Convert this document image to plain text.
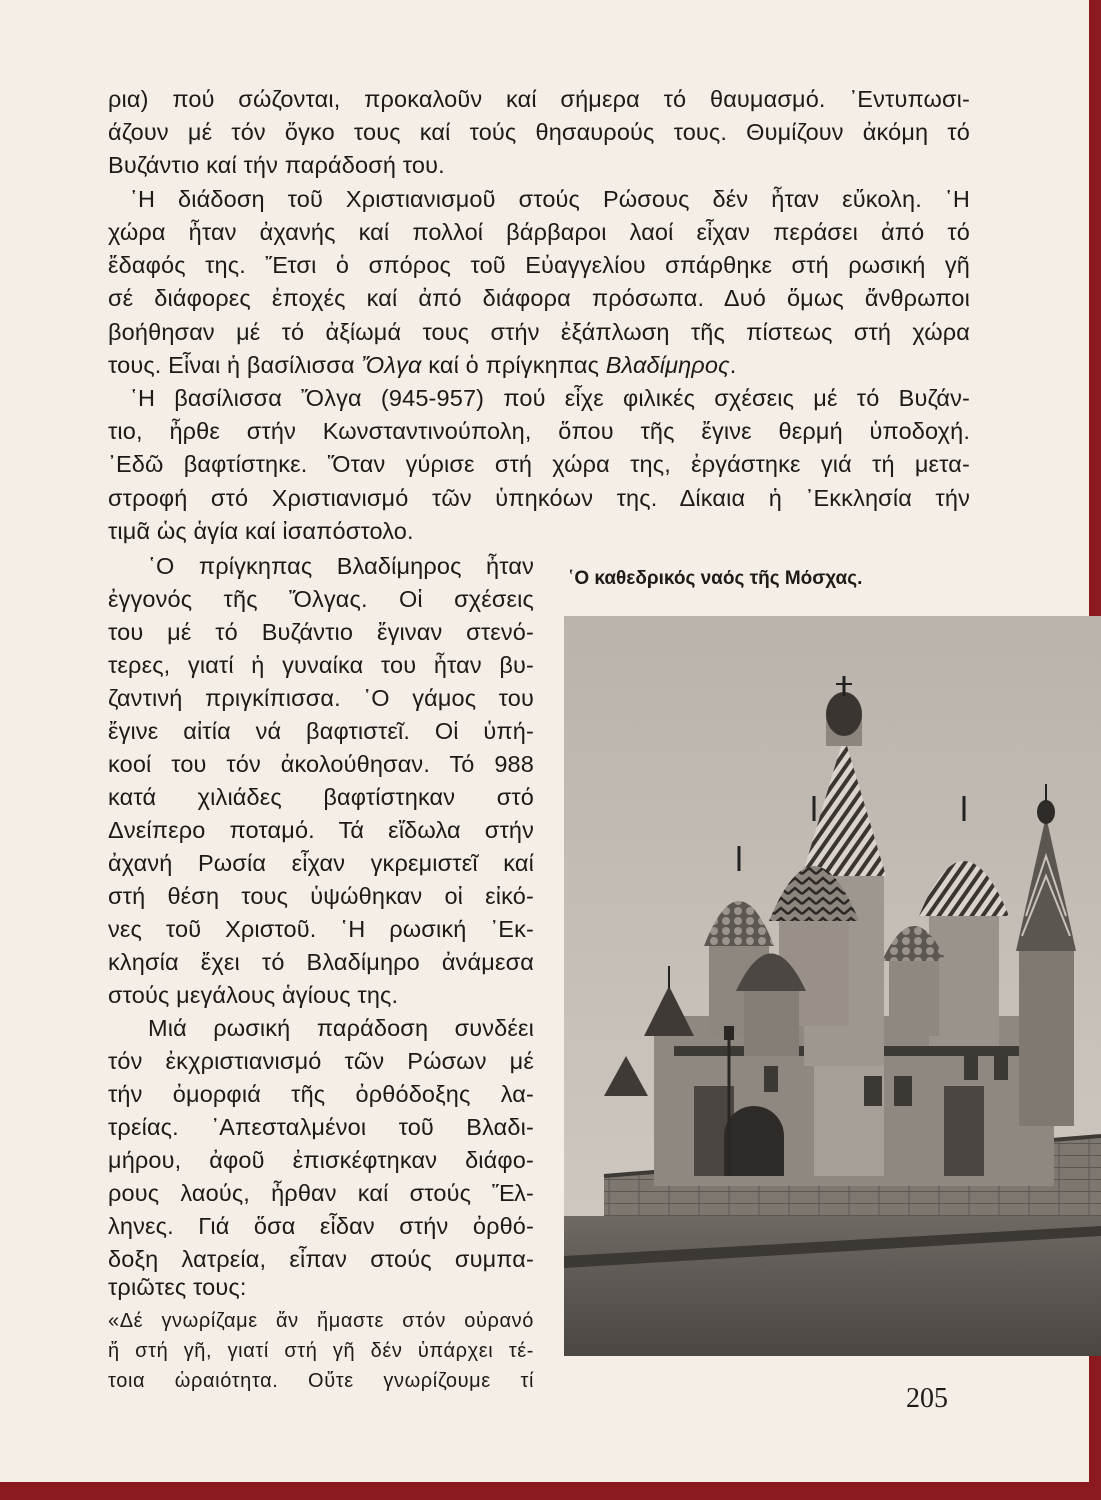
ρια) πού σώζονται, προκαλοῦν καί σήμερα τό θαυμασμό. ᾿Εντυπωσι-
άζουν μέ τόν ὄγκο τους καί τούς θησαυρούς τους. Θυμίζουν ἀκόμη τό
Βυζάντιο καί τήν παράδοσή του.
῾Η διάδοση τοῦ Χριστιανισμοῦ στούς Ρώσους δέν ἦταν εὔκολη. ῾Η
χώρα ἦταν ἀχανής καί πολλοί βάρβαροι λαοί εἶχαν περάσει ἀπό τό
ἔδαφός της. Ἔτσι ὁ σπόρος τοῦ Εὐαγγελίου σπάρθηκε στή ρωσική γῆ
σέ διάφορες ἐποχές καί ἀπό διάφορα πρόσωπα. Δυό ὅμως ἄνθρωποι
βοήθησαν μέ τό ἀξίωμά τους στήν ἐξάπλωση τῆς πίστεως στή χώρα
τους. Εἶναι ἡ βασίλισσα Ὄλγα καί ὁ πρίγκηπας Βλαδίμηρος.
῾Η βασίλισσα Ὄλγα (945-957) πού εἶχε φιλικές σχέσεις μέ τό Βυζάν-
τιο, ἦρθε στήν Κωνσταντινούπολη, ὅπου τῆς ἔγινε θερμή ὑποδοχή.
᾿Εδῶ βαφτίστηκε. Ὅταν γύρισε στή χώρα της, ἐργάστηκε γιά τή μετα-
στροφή στό Χριστιανισμό τῶν ὑπηκόων της. Δίκαια ἡ ᾿Εκκλησία τήν
τιμᾶ ὡς ἁγία καί ἰσαπόστολο.
῾Ο πρίγκηπας Βλαδίμηρος ἦταν
ἐγγονός τῆς Ὄλγας. Οἱ σχέσεις
του μέ τό Βυζάντιο ἔγιναν στενό-
τερες, γιατί ἡ γυναίκα του ἦταν βυ-
ζαντινή πριγκίπισσα. ῾Ο γάμος του
ἔγινε αἰτία νά βαφτιστεῖ. Οἱ ὑπή-
κοοί του τόν ἀκολούθησαν. Τό 988
κατά χιλιάδες βαφτίστηκαν στό
Δνείπερο ποταμό. Τά εἴδωλα στήν
ἀχανή Ρωσία εἶχαν γκρεμιστεῖ καί
στή θέση τους ὑψώθηκαν οἱ εἰκό-
νες τοῦ Χριστοῦ. ῾Η ρωσική ᾿Εκ-
κλησία ἔχει τό Βλαδίμηρο ἀνάμεσα
στούς μεγάλους ἁγίους της.
Μιά ρωσική παράδοση συνδέει
τόν ἐκχριστιανισμό τῶν Ρώσων μέ
τήν ὀμορφιά τῆς ὀρθόδοξης λα-
τρείας. ᾿Απεσταλμένοι τοῦ Βλαδι-
μήρου, ἀφοῦ ἐπισκέφτηκαν διάφο-
ρους λαούς, ἦρθαν καί στούς Ἕλ-
ληνες. Γιά ὅσα εἶδαν στήν ὀρθό-
δοξη λατρεία, εἶπαν στούς συμπα-
τριῶτες τους:
«Δέ γνωρίζαμε ἄν ἤμαστε στόν οὐρανό
ἤ στή γῆ, γιατί στή γῆ δέν ὑπάρχει τέ-
τοια ὡραιότητα. Οὔτε γνωρίζουμε τί
῾Ο καθεδρικός ναός τῆς Μόσχας.
205
